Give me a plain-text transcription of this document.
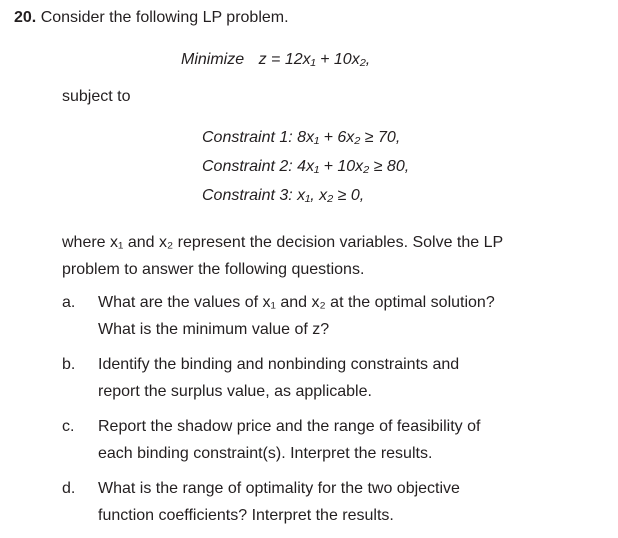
20. Consider the following LP problem.
Minimize z = 12x₁ + 10x₂,
subject to
Constraint 1: 8x₁ + 6x₂ ≥ 70,
Constraint 2: 4x₁ + 10x₂ ≥ 80,
Constraint 3: x₁, x₂ ≥ 0,
where x₁ and x₂ represent the decision variables. Solve the LP
problem to answer the following questions.
a. What are the values of x₁ and x₂ at the optimal solution?
What is the minimum value of z?
b. Identify the binding and nonbinding constraints and
report the surplus value, as applicable.
c. Report the shadow price and the range of feasibility of
each binding constraint(s). Interpret the results.
d. What is the range of optimality for the two objective
function coefficients? Interpret the results.
